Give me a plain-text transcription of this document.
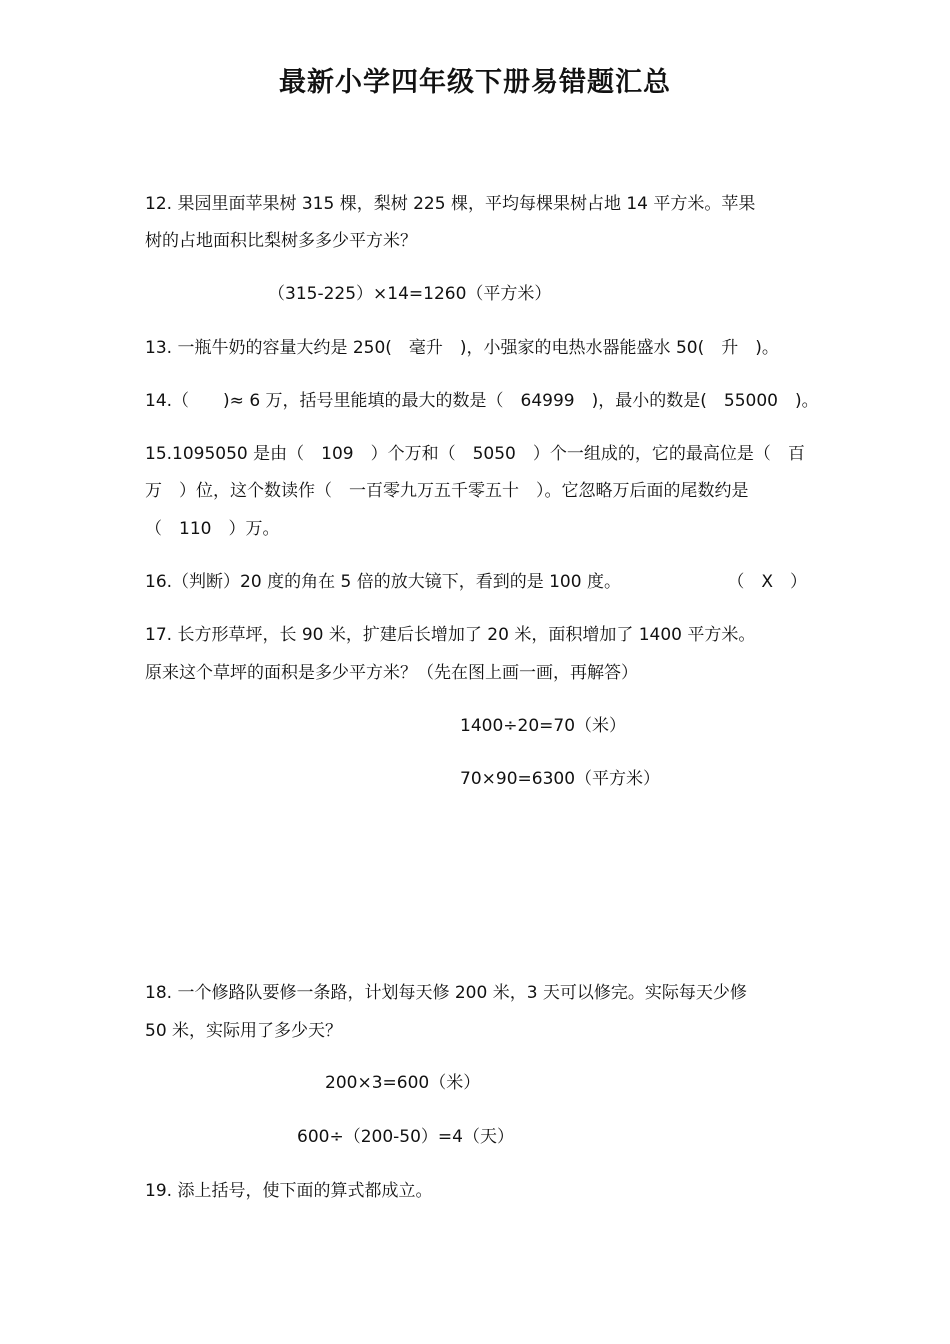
最新小学四年级下册易错题汇总
12. 果园里面苹果树 315 棵，梨树 225 棵，平均每棵果树占地 14 平方米。苹果
树的占地面积比梨树多多少平方米？
（315-225）×14=1260（平方米）
13. 一瓶牛奶的容量大约是 250(　毫升　)，小强家的电热水器能盛水 50(　升　)。
14.（　　)≈ 6 万，括号里能填的最大的数是（　64999　)，最小的数是(　55000　)。
15.1095050 是由（　109　）个万和（　5050　）个一组成的，它的最高位是（　百
万　）位，这个数读作（　一百零九万五千零五十　）。它忽略万后面的尾数约是
（　110　）万。
16.（判断）20 度的角在 5 倍的放大镜下，看到的是 100 度。	（　X　）
17. 长方形草坪，长 90 米，扩建后长增加了 20 米，面积增加了 1400 平方米。
原来这个草坪的面积是多少平方米？（先在图上画一画，再解答）
1400÷20=70（米）
70×90=6300（平方米）
18. 一个修路队要修一条路，计划每天修 200 米，3 天可以修完。实际每天少修
50 米，实际用了多少天？
200×3=600（米）
600÷（200-50）=4（天）
19. 添上括号，使下面的算式都成立。
